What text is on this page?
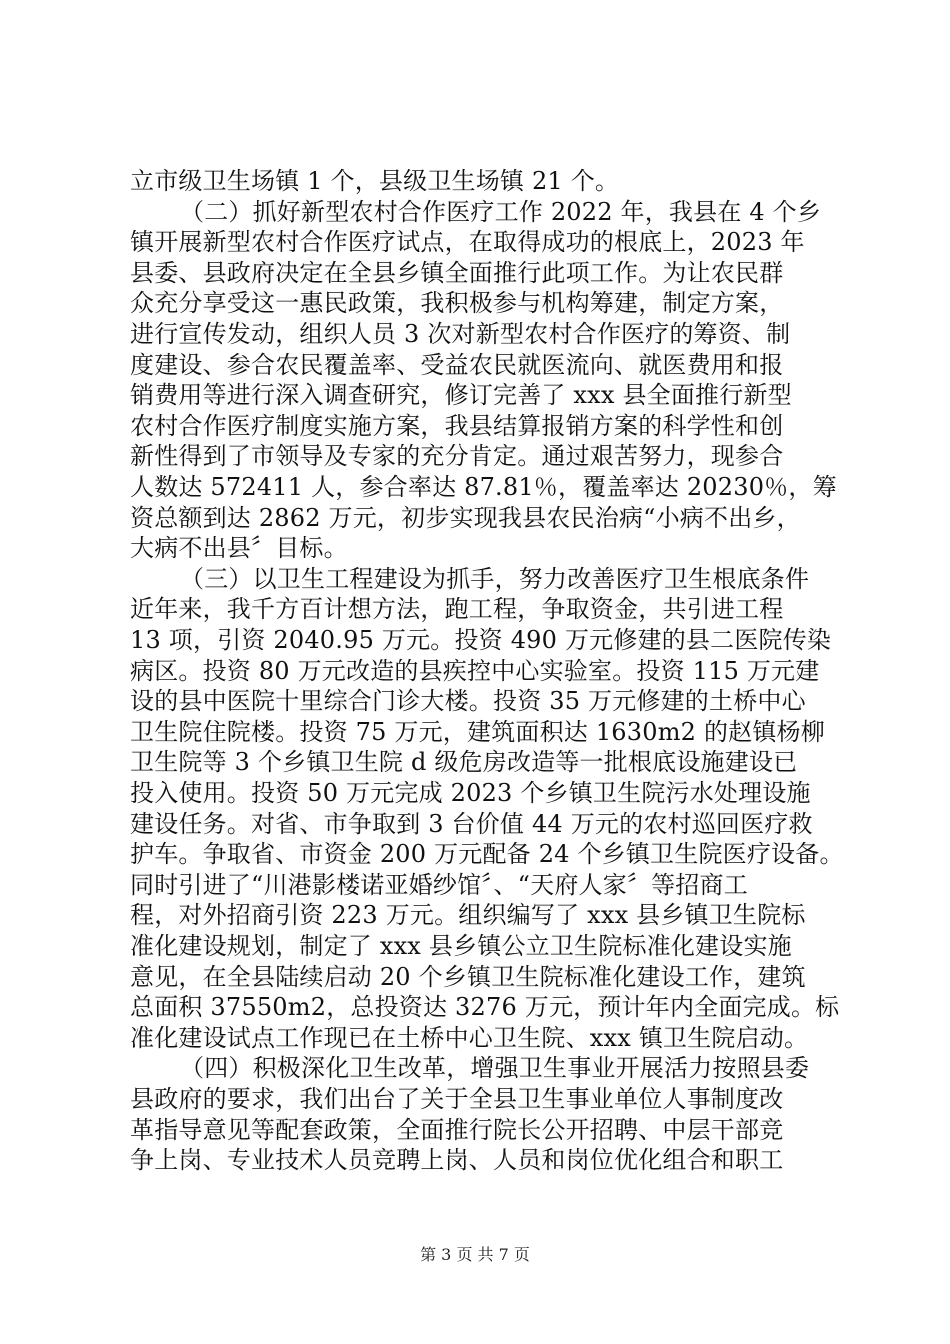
立市级卫生场镇 1 个，县级卫生场镇 21 个。
（二）抓好新型农村合作医疗工作 2022 年，我县在 4 个乡
镇开展新型农村合作医疗试点，在取得成功的根底上，2023 年
县委、县政府决定在全县乡镇全面推行此项工作。为让农民群
众充分享受这一惠民政策，我积极参与机构筹建，制定方案，
进行宣传发动，组织人员 3 次对新型农村合作医疗的筹资、制
度建设、参合农民覆盖率、受益农民就医流向、就医费用和报
销费用等进行深入调查研究，修订完善了 xxx 县全面推行新型
农村合作医疗制度实施方案，我县结算报销方案的科学性和创
新性得到了市领导及专家的充分肯定。通过艰苦努力，现参合
人数达 572411 人，参合率达 87.81％，覆盖率达 20230％，筹
资总额到达 2862 万元，初步实现我县农民治病“小病不出乡，
大病不出县〞目标。
（三）以卫生工程建设为抓手，努力改善医疗卫生根底条件
近年来，我千方百计想方法，跑工程，争取资金，共引进工程
13 项，引资 2040.95 万元。投资 490 万元修建的县二医院传染
病区。投资 80 万元改造的县疾控中心实验室。投资 115 万元建
设的县中医院十里综合门诊大楼。投资 35 万元修建的土桥中心
卫生院住院楼。投资 75 万元，建筑面积达 1630m2 的赵镇杨柳
卫生院等 3 个乡镇卫生院 d 级危房改造等一批根底设施建设已
投入使用。投资 50 万元完成 2023 个乡镇卫生院污水处理设施
建设任务。对省、市争取到 3 台价值 44 万元的农村巡回医疗救
护车。争取省、市资金 200 万元配备 24 个乡镇卫生院医疗设备。
同时引进了“川港影楼诺亚婚纱馆〞、“天府人家〞等招商工
程，对外招商引资 223 万元。组织编写了 xxx 县乡镇卫生院标
准化建设规划，制定了 xxx 县乡镇公立卫生院标准化建设实施
意见，在全县陆续启动 20 个乡镇卫生院标准化建设工作，建筑
总面积 37550m2，总投资达 3276 万元，预计年内全面完成。标
准化建设试点工作现已在土桥中心卫生院、xxx 镇卫生院启动。
（四）积极深化卫生改革，增强卫生事业开展活力按照县委
县政府的要求，我们出台了关于全县卫生事业单位人事制度改
革指导意见等配套政策，全面推行院长公开招聘、中层干部竞
争上岗、专业技术人员竞聘上岗、人员和岗位优化组合和职工
第 3 页 共 7 页
